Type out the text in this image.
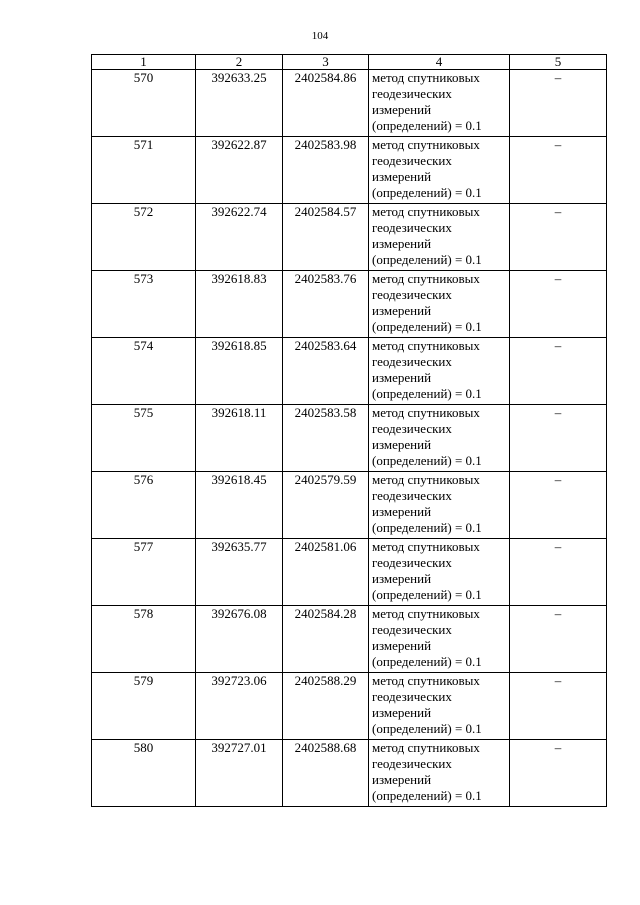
104
1	2	3	4	5
570	392633.25	2402584.86	метод спутниковых
геодезических
измерений
(определений) = 0.1	–
571	392622.87	2402583.98	метод спутниковых
геодезических
измерений
(определений) = 0.1	–
572	392622.74	2402584.57	метод спутниковых
геодезических
измерений
(определений) = 0.1	–
573	392618.83	2402583.76	метод спутниковых
геодезических
измерений
(определений) = 0.1	–
574	392618.85	2402583.64	метод спутниковых
геодезических
измерений
(определений) = 0.1	–
575	392618.11	2402583.58	метод спутниковых
геодезических
измерений
(определений) = 0.1	–
576	392618.45	2402579.59	метод спутниковых
геодезических
измерений
(определений) = 0.1	–
577	392635.77	2402581.06	метод спутниковых
геодезических
измерений
(определений) = 0.1	–
578	392676.08	2402584.28	метод спутниковых
геодезических
измерений
(определений) = 0.1	–
579	392723.06	2402588.29	метод спутниковых
геодезических
измерений
(определений) = 0.1	–
580	392727.01	2402588.68	метод спутниковых
геодезических
измерений
(определений) = 0.1	–
